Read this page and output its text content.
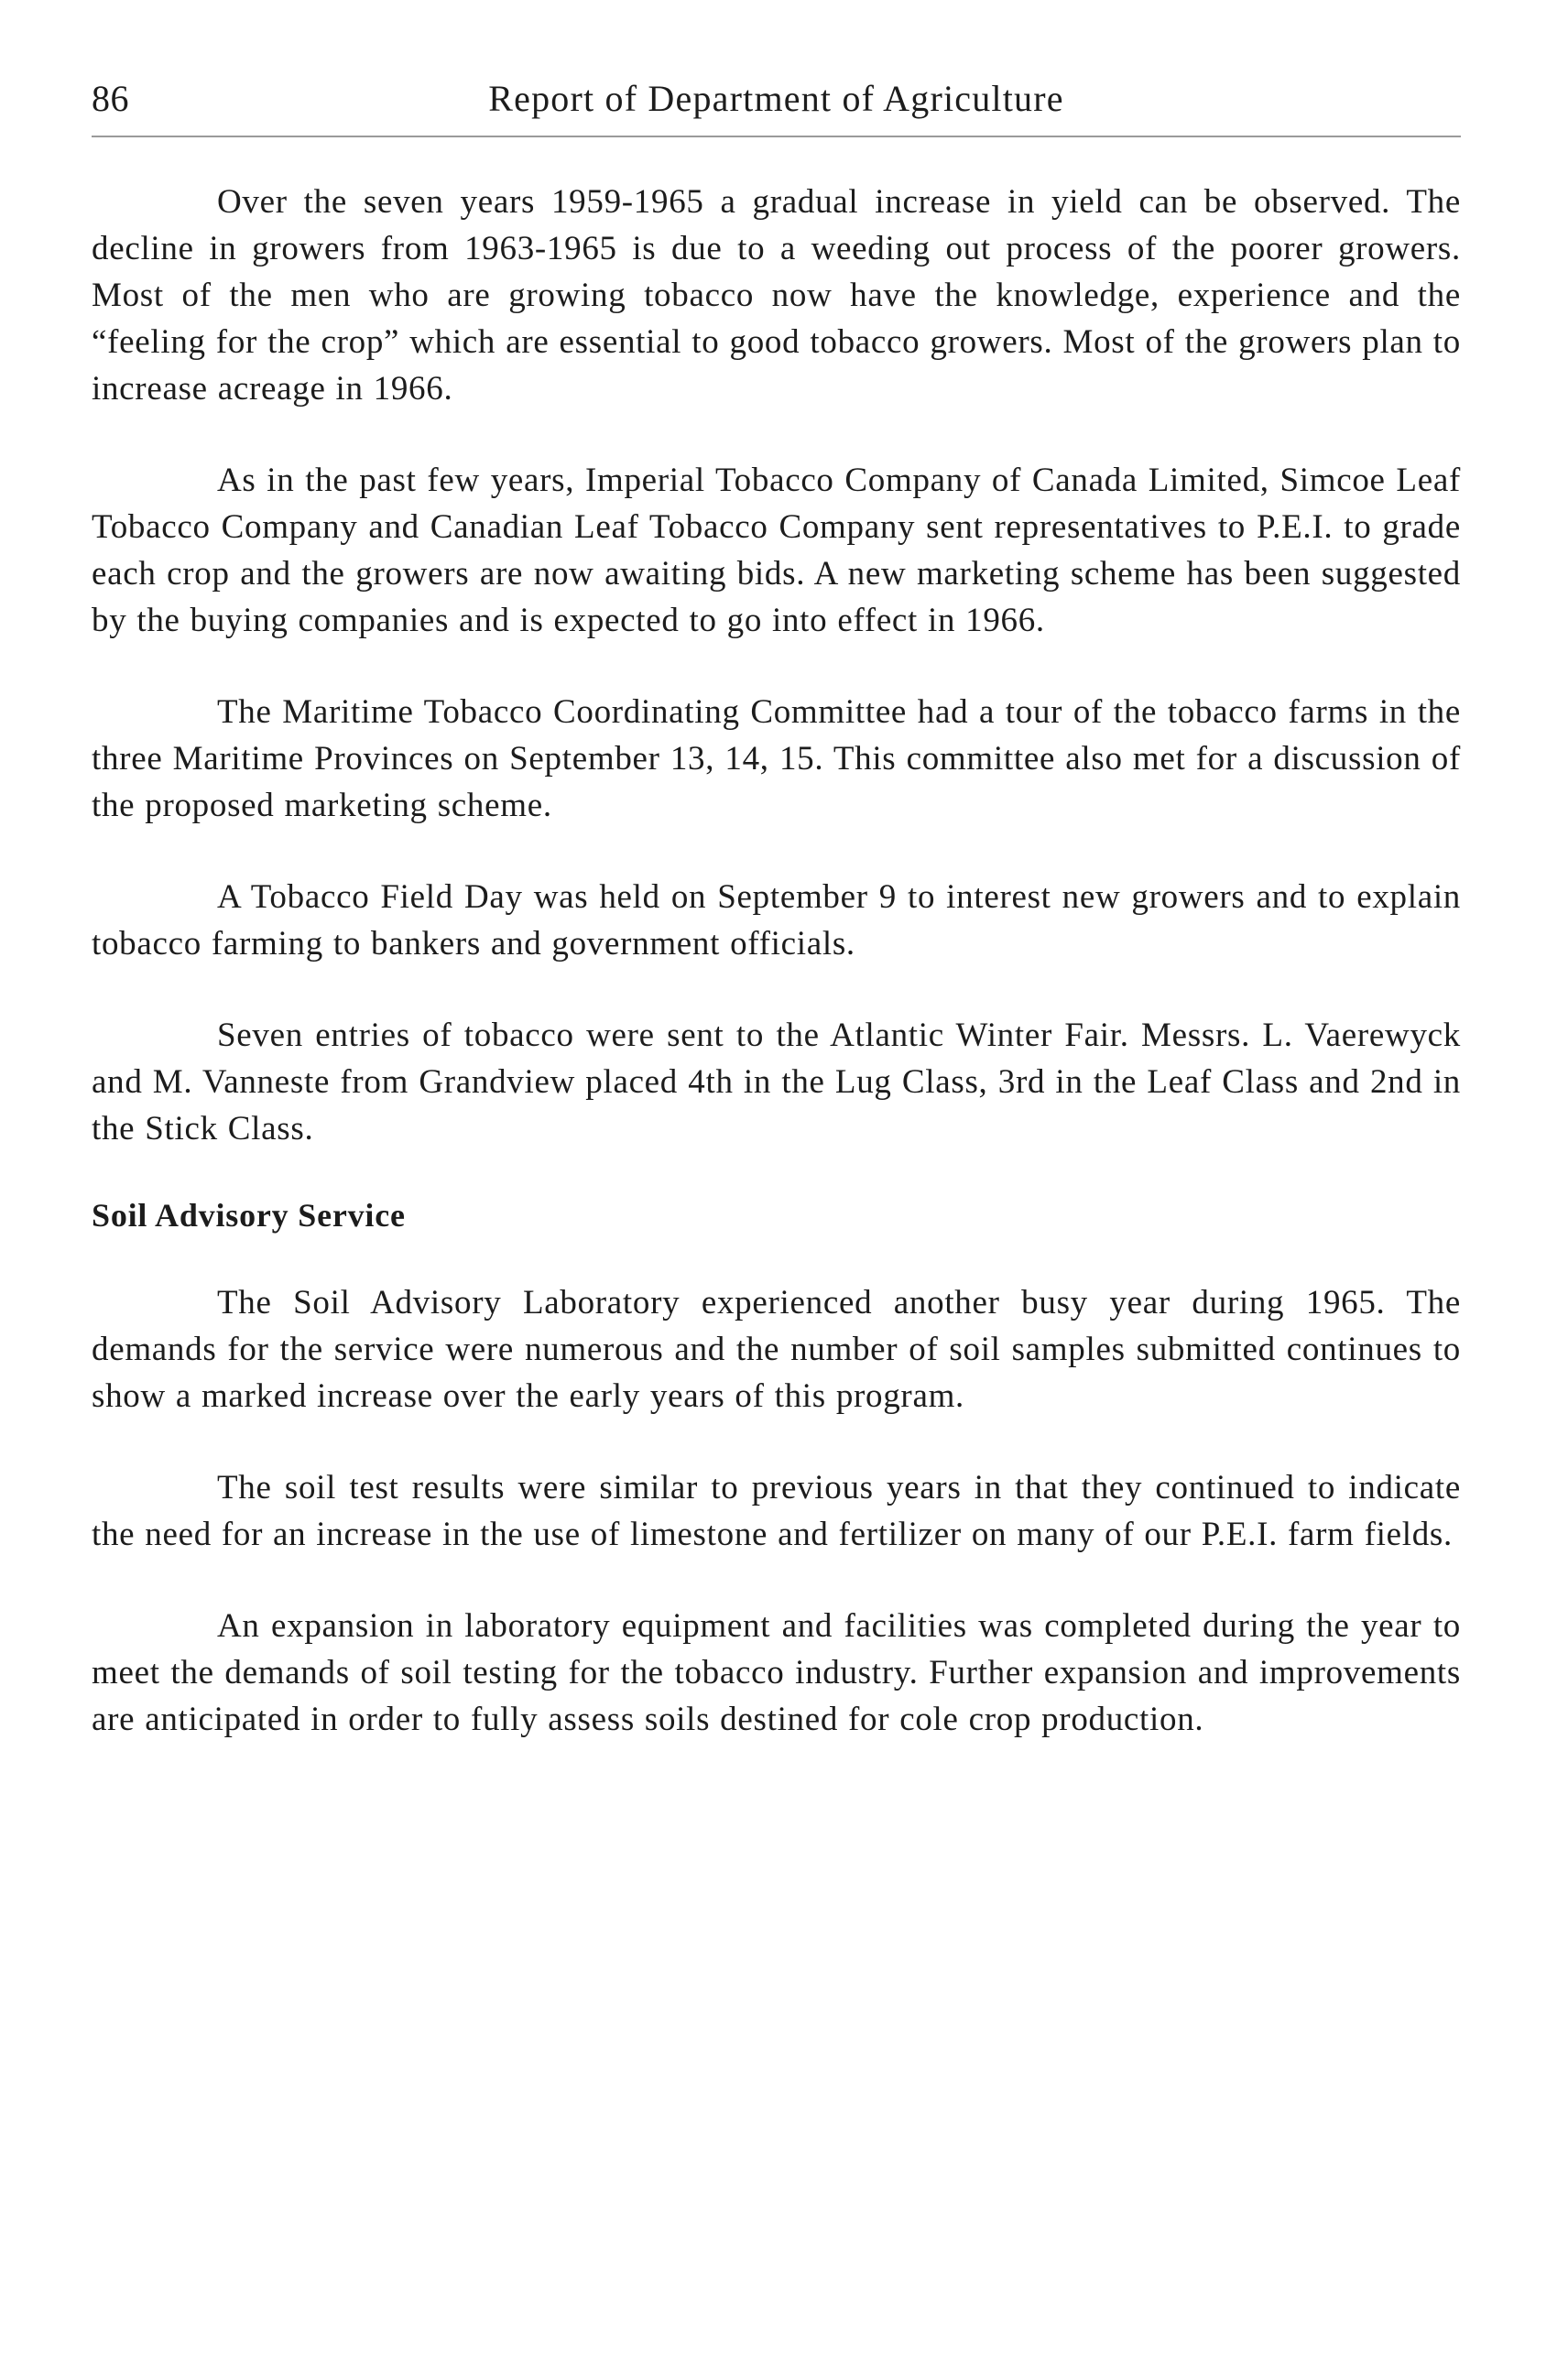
86	Report of Department of Agriculture

Over the seven years 1959-1965 a gradual increase in yield can be observed. The decline in growers from 1963-1965 is due to a weeding out process of the poorer growers. Most of the men who are growing tobacco now have the knowledge, experience and the “feeling for the crop” which are essential to good tobacco growers. Most of the growers plan to increase acreage in 1966.

As in the past few years, Imperial Tobacco Company of Canada Limited, Simcoe Leaf Tobacco Company and Canadian Leaf Tobacco Company sent representatives to P.E.I. to grade each crop and the growers are now awaiting bids. A new marketing scheme has been suggested by the buying companies and is expected to go into effect in 1966.

The Maritime Tobacco Coordinating Committee had a tour of the tobacco farms in the three Maritime Provinces on September 13, 14, 15. This committee also met for a discussion of the proposed marketing scheme.

A Tobacco Field Day was held on September 9 to interest new growers and to explain tobacco farming to bankers and government officials.

Seven entries of tobacco were sent to the Atlantic Winter Fair. Messrs. L. Vaerewyck and M. Vanneste from Grandview placed 4th in the Lug Class, 3rd in the Leaf Class and 2nd in the Stick Class.

Soil Advisory Service

The Soil Advisory Laboratory experienced another busy year during 1965. The demands for the service were numerous and the number of soil samples submitted continues to show a marked increase over the early years of this program.

The soil test results were similar to previous years in that they continued to indicate the need for an increase in the use of limestone and fertilizer on many of our P.E.I. farm fields.

An expansion in laboratory equipment and facilities was completed during the year to meet the demands of soil testing for the tobacco industry. Further expansion and improvements are anticipated in order to fully assess soils destined for cole crop production.
